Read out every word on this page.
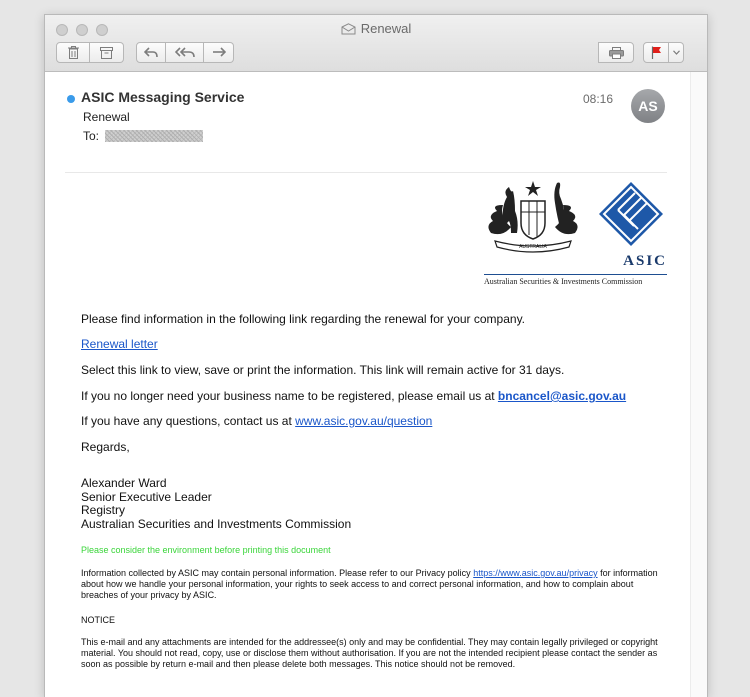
Renewal
ASIC Messaging Service
Renewal
To:
08:16	AS
AUSTRALIA
ASIC
Australian Securities & Investments Commission

Please find information in the following link regarding the renewal for your company.

Renewal letter

Select this link to view, save or print the information. This link will remain active for 31 days.

If you no longer need your business name to be registered, please email us at bncancel@asic.gov.au

If you have any questions, contact us at www.asic.gov.au/question

Regards,

Alexander Ward
Senior Executive Leader
Registry
Australian Securities and Investments Commission

Please consider the environment before printing this document

Information collected by ASIC may contain personal information. Please refer to our Privacy policy https://www.asic.gov.au/privacy for information about how we handle your personal information, your rights to seek access to and correct personal information, and how to complain about breaches of your privacy by ASIC.

NOTICE

This e-mail and any attachments are intended for the addressee(s) only and may be confidential. They may contain legally privileged or copyright material. You should not read, copy, use or disclose them without authorisation. If you are not the intended recipient please contact the sender as soon as possible by return e-mail and then please delete both messages. This notice should not be removed.
